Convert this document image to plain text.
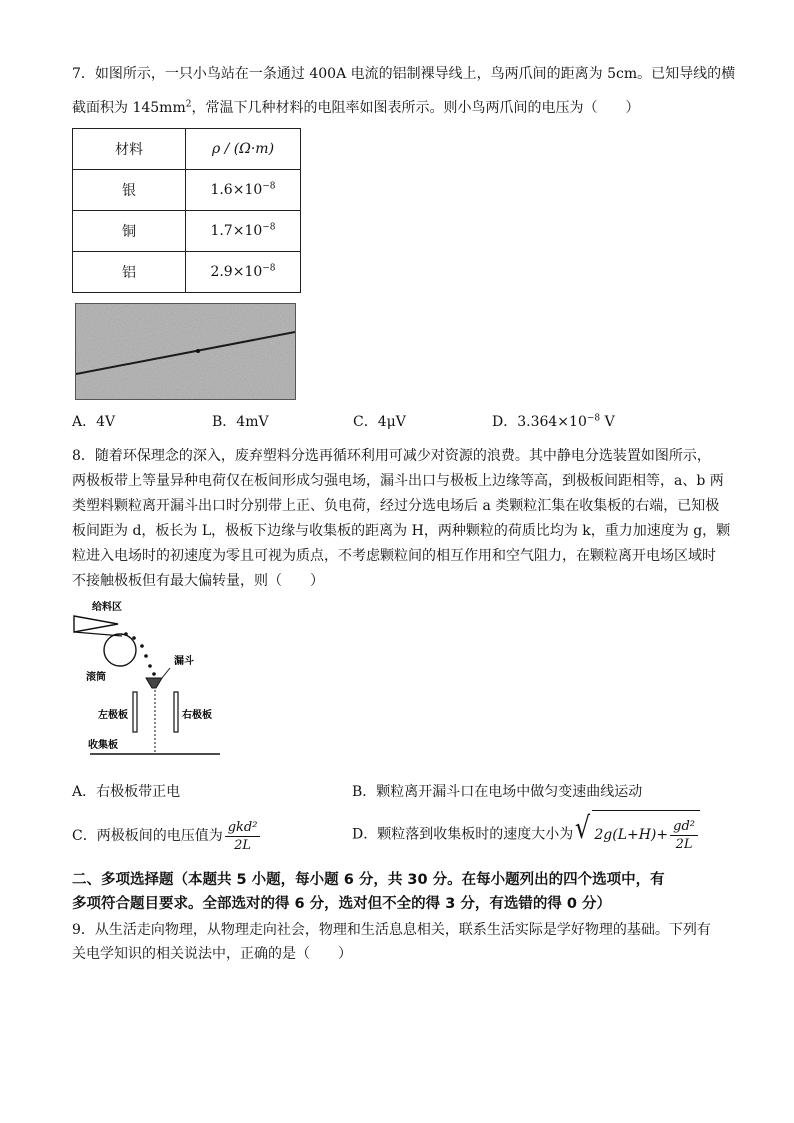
7．如图所示，一只小鸟站在一条通过 400A 电流的铝制裸导线上，鸟两爪间的距离为 5cm。已知导线的横
截面积为 $145mm^2$，常温下几种材料的电阻率如图表所示。则小鸟两爪间的电压为（　　）
材料	ρ / (Ω·m)
银	$1.6\times 10^{-8}$
铜	$1.7\times 10^{-8}$
铝	$2.9\times 10^{-8}$
A．4V	B．4mV	C．4μV	D．$3.364\times 10^{-8}$ V
8．随着环保理念的深入，废弃塑料分选再循环利用可减少对资源的浪费。其中静电分选装置如图所示，
两极板带上等量异种电荷仅在板间形成匀强电场，漏斗出口与极板上边缘等高，到极板间距相等，a、b 两
类塑料颗粒离开漏斗出口时分别带上正、负电荷，经过分选电场后 a 类颗粒汇集在收集板的右端，已知极
板间距为 d，板长为 L，极板下边缘与收集板的距离为 H，两种颗粒的荷质比均为 k，重力加速度为 g，颗
粒进入电场时的初速度为零且可视为质点，不考虑颗粒间的相互作用和空气阻力，在颗粒离开电场区域时
不接触极板但有最大偏转量，则（　　）
给料区
滚筒
漏斗
左极板	右极板
收集板
A．右极板带正电	B．颗粒离开漏斗口在电场中做匀变速曲线运动
C．两极板间的电压值为 $\frac{\text{gkd²}}{2L}$	D．颗粒落到收集板时的速度大小为 √ $2g(L+H)+ \frac{\text{gd²}}{2L}$
二、多项选择题（本题共 5 小题，每小题 6 分，共 30 分。在每小题列出的四个选项中，有
多项符合题目要求。全部选对的得 6 分，选对但不全的得 3 分，有选错的得 0 分）
9．从生活走向物理，从物理走向社会，物理和生活息息相关，联系生活实际是学好物理的基础。下列有
关电学知识的相关说法中，正确的是（　　）
